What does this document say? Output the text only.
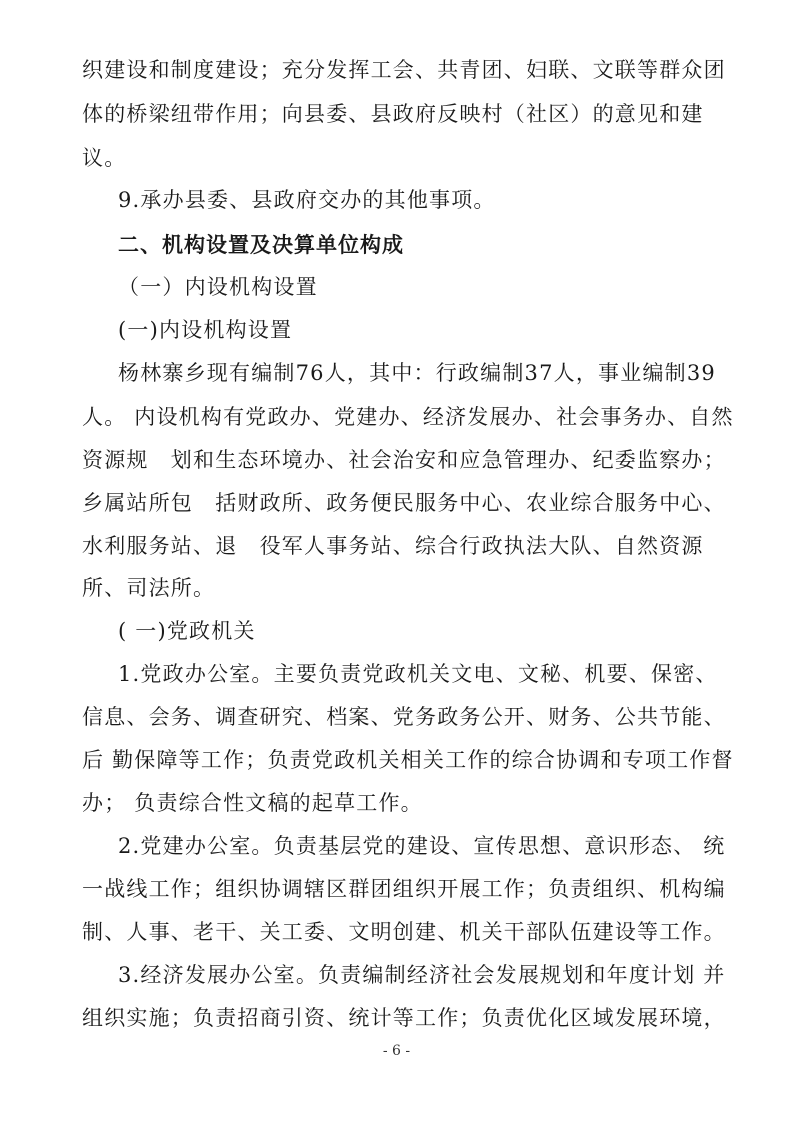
织建设和制度建设；充分发挥工会、共青团、妇联、文联等群众团
体的桥梁纽带作用；向县委、县政府反映村（社区）的意见和建
议。
9.承办县委、县政府交办的其他事项。
二、机构设置及决算单位构成
（一）内设机构设置
(一)内设机构设置
杨林寨乡现有编制76人，其中：行政编制37人，事业编制39
人。 内设机构有党政办、党建办、经济发展办、社会事务办、自然
资源规　划和生态环境办、社会治安和应急管理办、纪委监察办；
乡属站所包　括财政所、政务便民服务中心、农业综合服务中心、
水利服务站、退　役军人事务站、综合行政执法大队、自然资源
所、司法所。
( 一)党政机关
1.党政办公室。主要负责党政机关文电、文秘、机要、保密、
信息、会务、调查研究、档案、党务政务公开、财务、公共节能、
后 勤保障等工作；负责党政机关相关工作的综合协调和专项工作督
办； 负责综合性文稿的起草工作。
2.党建办公室。负责基层党的建设、宣传思想、意识形态、 统
一战线工作；组织协调辖区群团组织开展工作；负责组织、机构编
制、人事、老干、关工委、文明创建、机关干部队伍建设等工作。
3.经济发展办公室。负责编制经济社会发展规划和年度计划 并
组织实施；负责招商引资、统计等工作；负责优化区域发展环境，
- 6 -
